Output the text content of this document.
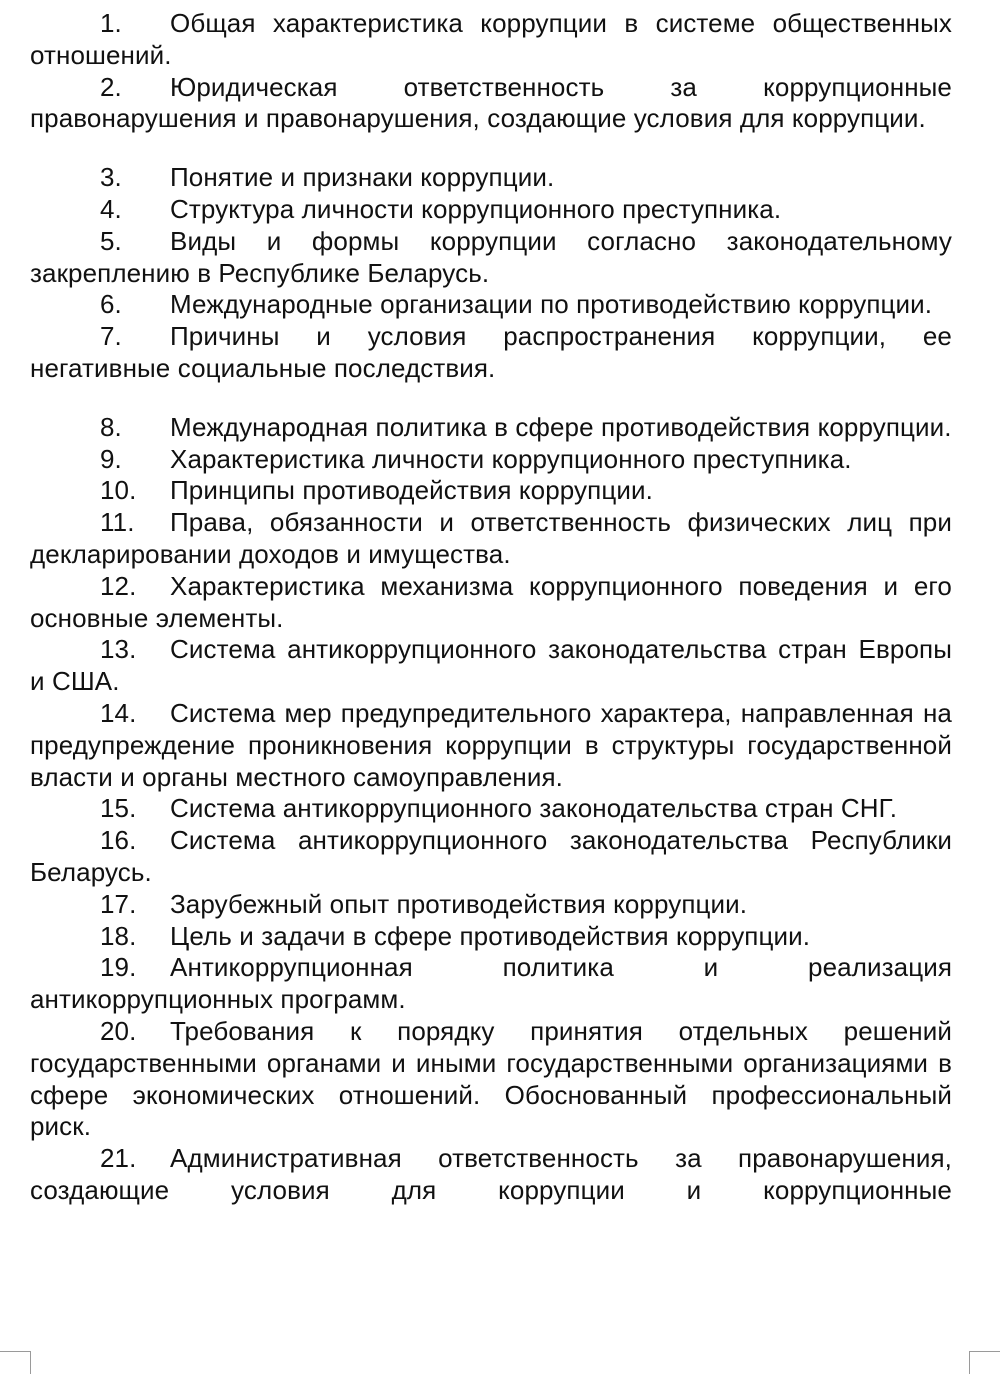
1. Общая характеристика коррупции в системе общественных отношений.

2. Юридическая ответственность за коррупционные правонарушения и правонарушения, создающие условия для коррупции.

3. Понятие и признаки коррупции.

4. Структура личности коррупционного преступника.

5. Виды и формы коррупции согласно законодательному закреплению в Республике Беларусь.

6. Международные организации по противодействию коррупции.

7. Причины и условия распространения коррупции, ее негативные социальные последствия.

8. Международная политика в сфере противодействия коррупции.

9. Характеристика личности коррупционного преступника.

10. Принципы противодействия коррупции.

11. Права, обязанности и ответственность физических лиц при декларировании доходов и имущества.

12. Характеристика механизма коррупционного поведения и его основные элементы.

13. Система антикоррупционного законодательства стран Европы и США.

14. Система мер предупредительного характера, направленная на предупреждение проникновения коррупции в структуры государственной власти и органы местного самоуправления.

15. Система антикоррупционного законодательства стран СНГ.

16. Система антикоррупционного законодательства Республики Беларусь.

17. Зарубежный опыт противодействия коррупции.

18. Цель и задачи в сфере противодействия коррупции.

19. Антикоррупционная политика и реализация антикоррупционных программ.

20. Требования к порядку принятия отдельных решений государственными органами и иными государственными организациями в сфере экономических отношений. Обоснованный профессиональный риск.

21. Административная ответственность за правонарушения, создающие условия для коррупции и коррупционные
